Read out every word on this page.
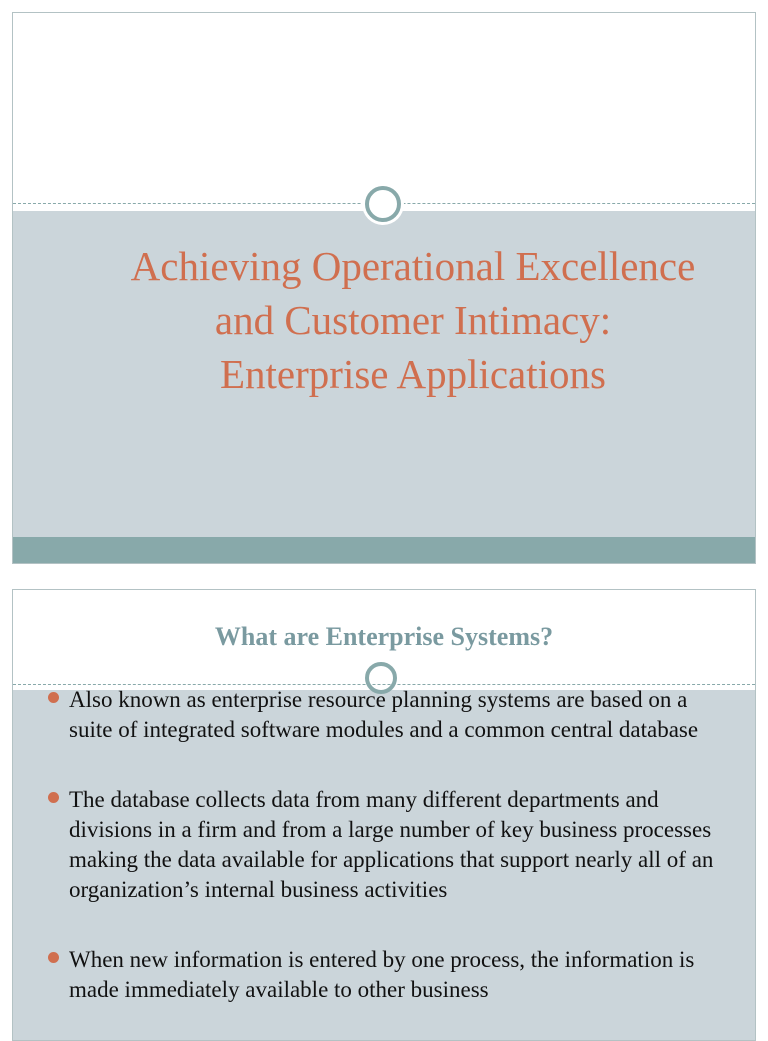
Achieving Operational Excellence
and Customer Intimacy:
Enterprise Applications
What are Enterprise Systems?
Also known as enterprise resource planning systems are based on a suite of integrated software modules and a common central database
The database collects data from many different departments and divisions in a firm and from a large number of key business processes making the data available for applications that support nearly all of an organization’s internal business activities
When new information is entered by one process, the information is made immediately available to other business
